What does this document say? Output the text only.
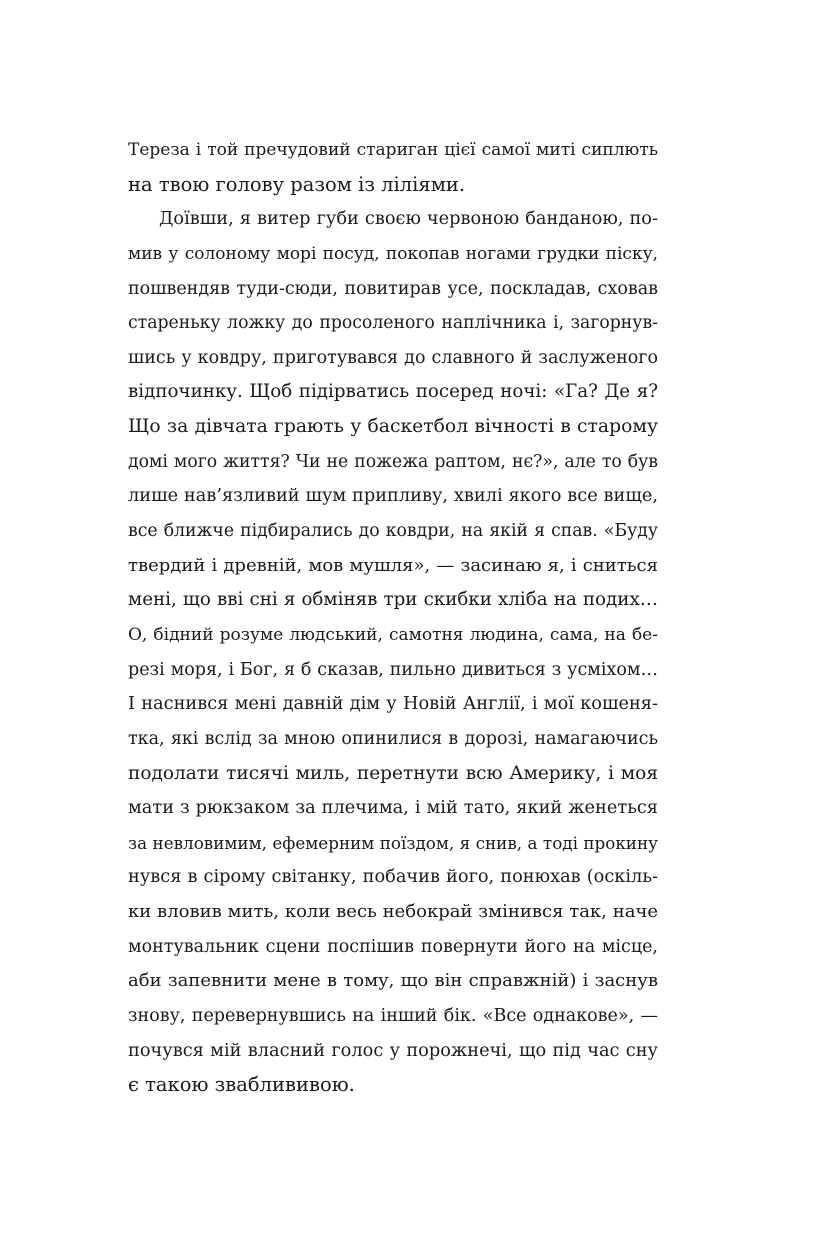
Тереза і той пречудовий стариган цієї самої миті сиплють
на твою голову разом із ліліями.
Доївши, я витер губи своєю червоною банданою, по-
мив у солоному морі посуд, покопав ногами грудки піску,
пошвендяв туди-сюди, повитирав усе, поскладав, сховав
стареньку ложку до просоленого наплічника і, загорнув-
шись у ковдру, приготувався до славного й заслуженого
відпочинку. Щоб підірватись посеред ночі: «Га? Де я?
Що за дівчата грають у баскетбол вічності в старому
домі мого життя? Чи не пожежа раптом, нє?», але то був
лише нав’язливий шум припливу, хвилі якого все вище,
все ближче підбирались до ковдри, на якій я спав. «Буду
твердий і древній, мов мушля», — засинаю я, і сниться
мені, що вві сні я обміняв три скибки хліба на подих…
О, бідний розуме людський, самотня людина, сама, на бе-
резі моря, і Бог, я б сказав, пильно дивиться з усміхом…
І наснився мені давній дім у Новій Англії, і мої кошеня-
тка, які вслід за мною опинилися в дорозі, намагаючись
подолати тисячі миль, перетнути всю Америку, і моя
мати з рюкзаком за плечима, і мій тато, який женеться
за невловимим, ефемерним поїздом, я снив, а тоді прокину
нувся в сірому світанку, побачив його, понюхав (оскіль-
ки вловив мить, коли весь небокрай змінився так, наче
монтувальник сцени поспішив повернути його на місце,
аби запевнити мене в тому, що він справжній) і заснув
знову, перевернувшись на інший бік. «Все однакове», —
почувся мій власний голос у порожнечі, що під час сну
є такою зваблививою.
